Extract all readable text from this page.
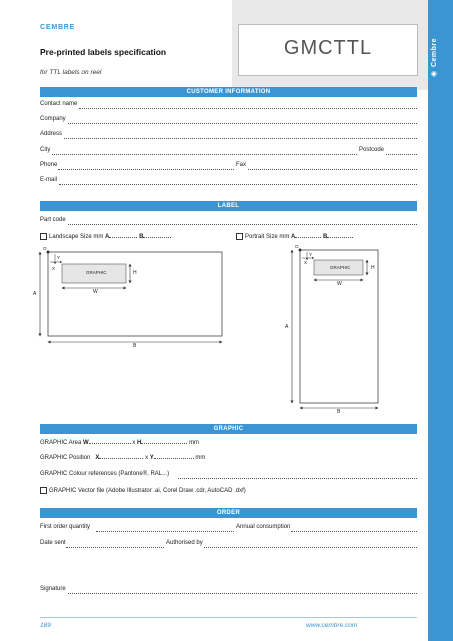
◉ Cembre
CEMBRE
Pre-printed labels specification	GMCTTL
for TTL labels on reel
CUSTOMER INFORMATION
Contact name
Company
Address
City	Postcode
Phone	Fax
E-mail
LABEL
Part code
Landscape Size mm A	B	Portrait Size mm A	B
GRAPHIC
A
B
W
H
X
Y
O
GRAPHIC
A
B
W
H
X
Y
O
GRAPHIC
GRAPHIC Area W	x H	mm
GRAPHIC Position X	x Y	mm
GRAPHIC Colour references (Pantone®, RAL...)
GRAPHIC Vector file (Adobe Illustrator .ai, Corel Draw .cdr, AutoCAD .dxf)
ORDER
First order quantity	Annual consumption
Date sent	Authorised by
Signature
189	www.cembre.com
